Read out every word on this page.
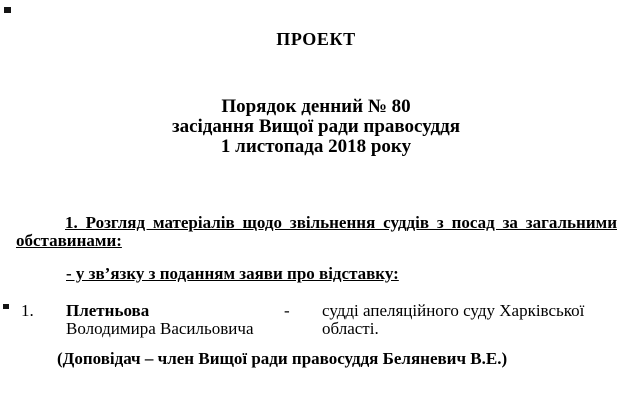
ПРОЕКТ
Порядок денний № 80
засідання Вищої ради правосуддя
1 листопада 2018 року
1. Розгляд матеріалів щодо звільнення суддів з посад за загальними
обставинами:
- у зв’язку з поданням заяви про відставку:
1. Плетньова
Володимира Васильовича
- судді апеляційного суду Харківської
області.
(Доповідач – член Вищої ради правосуддя Беляневич В.Е.)
